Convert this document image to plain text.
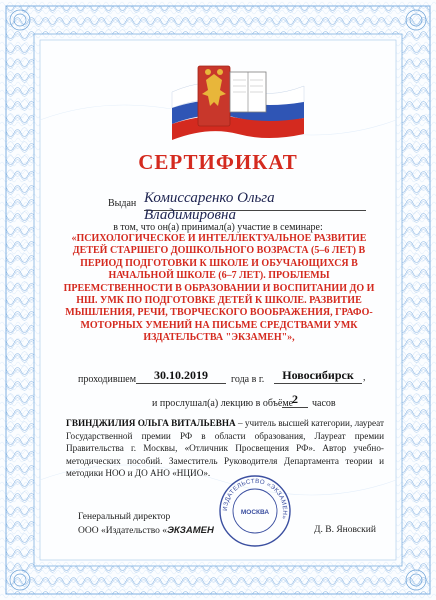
СЕРТИФИКАТ
Выдан Комиссаренко Ольга Владимировна
в том, что он(а) принимал(а) участие в семинаре:
«ПСИХОЛОГИЧЕСКОЕ И ИНТЕЛЛЕКТУАЛЬНОЕ РАЗВИТИЕ ДЕТЕЙ СТАРШЕГО ДОШКОЛЬНОГО ВОЗРАСТА (5–6 ЛЕТ) В ПЕРИОД ПОДГОТОВКИ К ШКОЛЕ И ОБУЧАЮЩИХСЯ В НАЧАЛЬНОЙ ШКОЛЕ (6–7 ЛЕТ). ПРОБЛЕМЫ ПРЕЕМСТВЕННОСТИ В ОБРАЗОВАНИИ И ВОСПИТАНИИ ДО И НШ. УМК ПО ПОДГОТОВКЕ ДЕТЕЙ К ШКОЛЕ. РАЗВИТИЕ МЫШЛЕНИЯ, РЕЧИ, ТВОРЧЕСКОГО ВООБРАЖЕНИЯ, ГРАФО-МОТОРНЫХ УМЕНИЙ НА ПИСЬМЕ СРЕДСТВАМИ УМК ИЗДАТЕЛЬСТВА "ЭКЗАМЕН"»,
проходившем	30.10.2019	года в г.	Новосибирск ,
и прослушал(а) лекцию в объёме
2	часов
ГВИНДЖИЛИЯ ОЛЬГА ВИТАЛЬЕВНА – учитель высшей категории, лауреат Государственной премии РФ в области образования, Лауреат премии Правительства г. Москвы, «Отличник Просвещения РФ». Автор учебно-методических пособий. Заместитель Руководителя Департамента теории и методики НОО и ДО АНО «НЦИО».
ИЗДАТЕЛЬСТВО «ЭКЗАМЕН»
МОСКВА
Генеральный директор
ООО «Издательство «ЭКЗАМЕН	Д. В. Яновский
